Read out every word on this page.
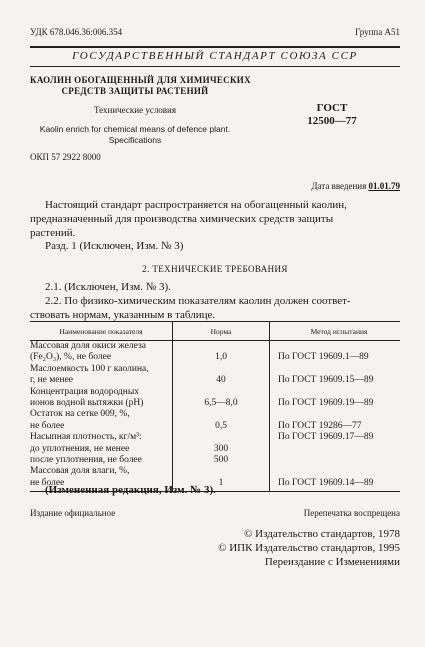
УДК 678.046.36:006.354	Группа А51
ГОСУДАРСТВЕННЫЙ СТАНДАРТ СОЮЗА ССР
КАОЛИН ОБОГАЩЕННЫЙ ДЛЯ ХИМИЧЕСКИХ
СРЕДСТВ ЗАЩИТЫ РАСТЕНИЙ
Технические условия
Kaolin enrich for chemical means of defence plant.
Specifications
ГОСТ
12500—77
ОКП 57 2922 8000
Дата введения 01.01.79
Настоящий стандарт распространяется на обогащенный каолин,
предназначенный для производства химических средств защиты
растений.
Разд. 1 (Исключен, Изм. № 3)
2. ТЕХНИЧЕСКИЕ ТРЕБОВАНИЯ
2.1. (Исключен, Изм. № 3).
2.2. По физико-химическим показателям каолин должен соответ-
ствовать нормам, указанным в таблице.
Наименование показателя	Норма	Метод испытания
Массовая доля окиси железа		
(Fe₂O₃), %, не более	1,0	По ГОСТ 19609.1—89
Маслоемкость 100 г каолина,		
г, не менее	40	По ГОСТ 19609.15—89
Концентрация водородных		
ионов водной вытяжки (pH)	6,5—8,0	По ГОСТ 19609.19—89
Остаток на сетке 009, %,		
не более	0,5	По ГОСТ 19286—77
Насыпная плотность, кг/м³:		По ГОСТ 19609.17—89
до уплотнения, не менее	300	
после уплотнения, не более	500	
Массовая доля влаги, %,		
не более	1	По ГОСТ 19609.14—89
(Измененная редакция, Изм. № 3).
Издание официальное	Перепечатка воспрещена
© Издательство стандартов, 1978
© ИПК Издательство стандартов, 1995
Переиздание с Изменениями
